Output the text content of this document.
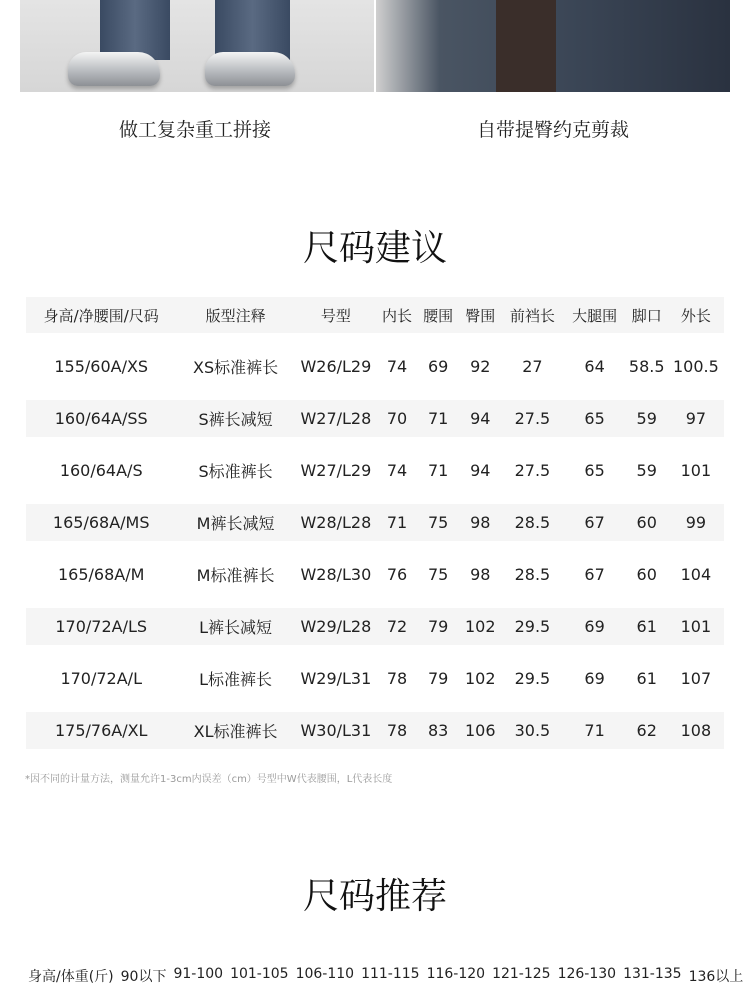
做工复杂重工拼接	自带提臀约克剪裁
尺码建议
身高/净腰围/尺码	版型注释	号型	内长	腰围	臀围	前裆长	大腿围	脚口	外长

155/60A/XS	XS标准裤长	W26/L29	74	69	92	27	64	58.5	100.5

160/64A/SS	S裤长减短	W27/L28	70	71	94	27.5	65	59	97

160/64A/S	S标准裤长	W27/L29	74	71	94	27.5	65	59	101

165/68A/MS	M裤长减短	W28/L28	71	75	98	28.5	67	60	99

165/68A/M	M标准裤长	W28/L30	76	75	98	28.5	67	60	104

170/72A/LS	L裤长减短	W29/L28	72	79	102	29.5	69	61	101

170/72A/L	L标准裤长	W29/L31	78	79	102	29.5	69	61	107

175/76A/XL	XL标准裤长	W30/L31	78	83	106	30.5	71	62	108
*因不同的计量方法，测量允许1-3cm内误差（cm）号型中W代表腰围，L代表长度
尺码推荐
身高/体重(斤) 90以下 91-100 101-105 106-110 111-115 116-120 121-125 126-130 131-135 136以上
